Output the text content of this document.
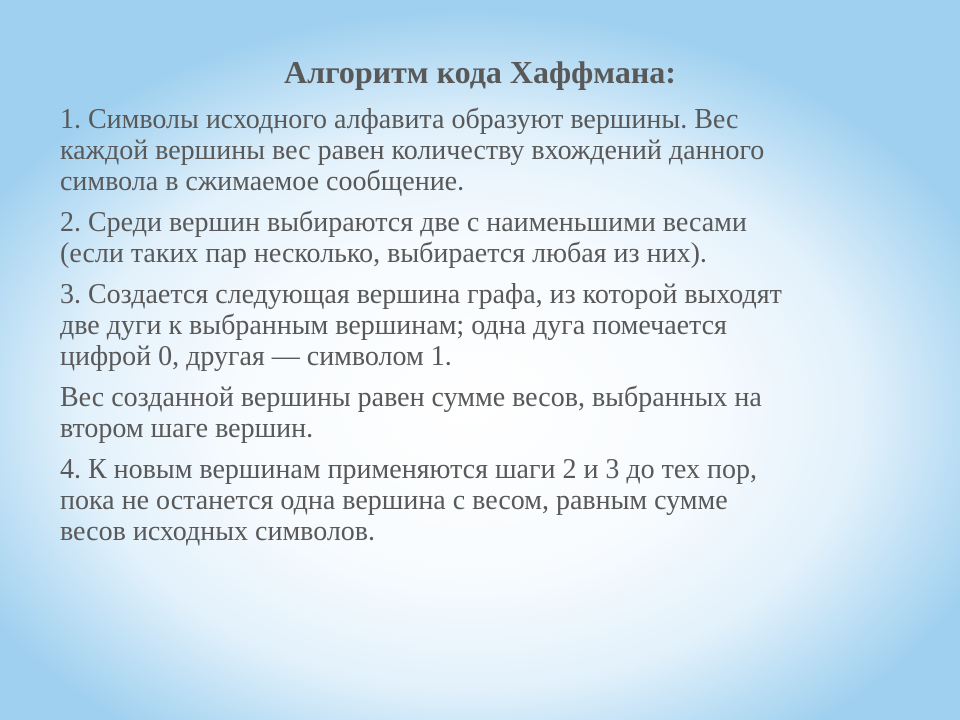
Алгоритм кода Хаффмана:

1. Символы исходного алфавита образуют вершины. Вес
каждой вершины вес равен количеству вхождений данного
символа в сжимаемое сообщение.

2. Среди вершин выбираются две с наименьшими весами
(если таких пар несколько, выбирается любая из них).

3. Создается следующая вершина графа, из которой выходят
две дуги к выбранным вершинам; одна дуга помечается
цифрой 0, другая — символом 1.

Вес созданной вершины равен сумме весов, выбранных на
втором шаге вершин.

4. К новым вершинам применяются шаги 2 и 3 до тех пор,
пока не останется одна вершина с весом, равным сумме
весов исходных символов.
